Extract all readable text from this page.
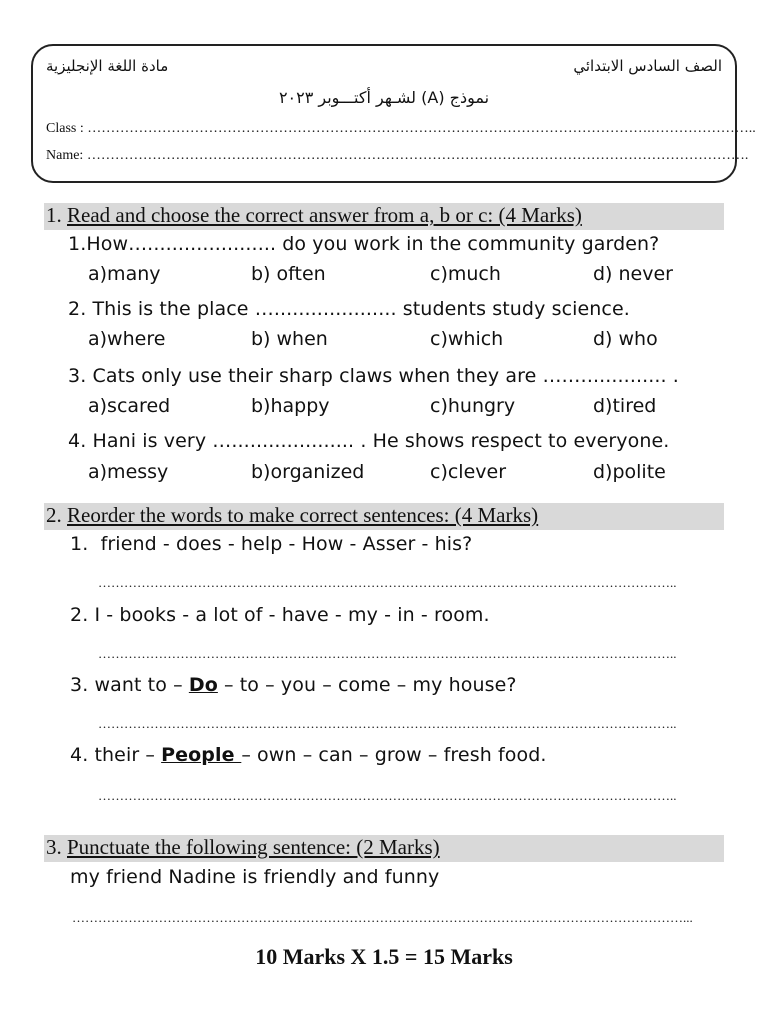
الصف السادس الابتدائي
مادة اللغة الإنجليزية
نموذج (A) لشـهر أكتـــوبر ٢٠٢٣
Class : ………………………………………………………………………………………………………….…………………..
Name: …………………………………………………………………………………………………………………………….
1. Read and choose the correct answer from a, b or c: (4 Marks)
1.How…..................... do you work in the community garden?
a)many	b) often	c)much	d) never
2. This is the place ….................... students study science.
a)where	b) when	c)which	d) who
3. Cats only use their sharp claws when they are ….…............. .
a)scared	b)happy	c)hungry	d)tired
4. Hani is very ….................... . He shows respect to everyone.
a)messy	b)organized	c)clever	d)polite
2. Reorder the words to make correct sentences: (4 Marks)
1. friend - does - help - How - Asser - his?
……………………………………………………………………………………………………………………..
2. I - books - a lot of - have - my - in - room.
……………………………………………………………………………………………………………………..
3. want to – Do – to – you – come – my house?
……………………………………………………………………………………………………………………..
4. their – People – own – can – grow – fresh food.
……………………………………………………………………………………………………………………..
3. Punctuate the following sentence: (2 Marks)
my friend Nadine is friendly and funny
……………………………………………………………………………………………………………………………...
10 Marks X 1.5 = 15 Marks
